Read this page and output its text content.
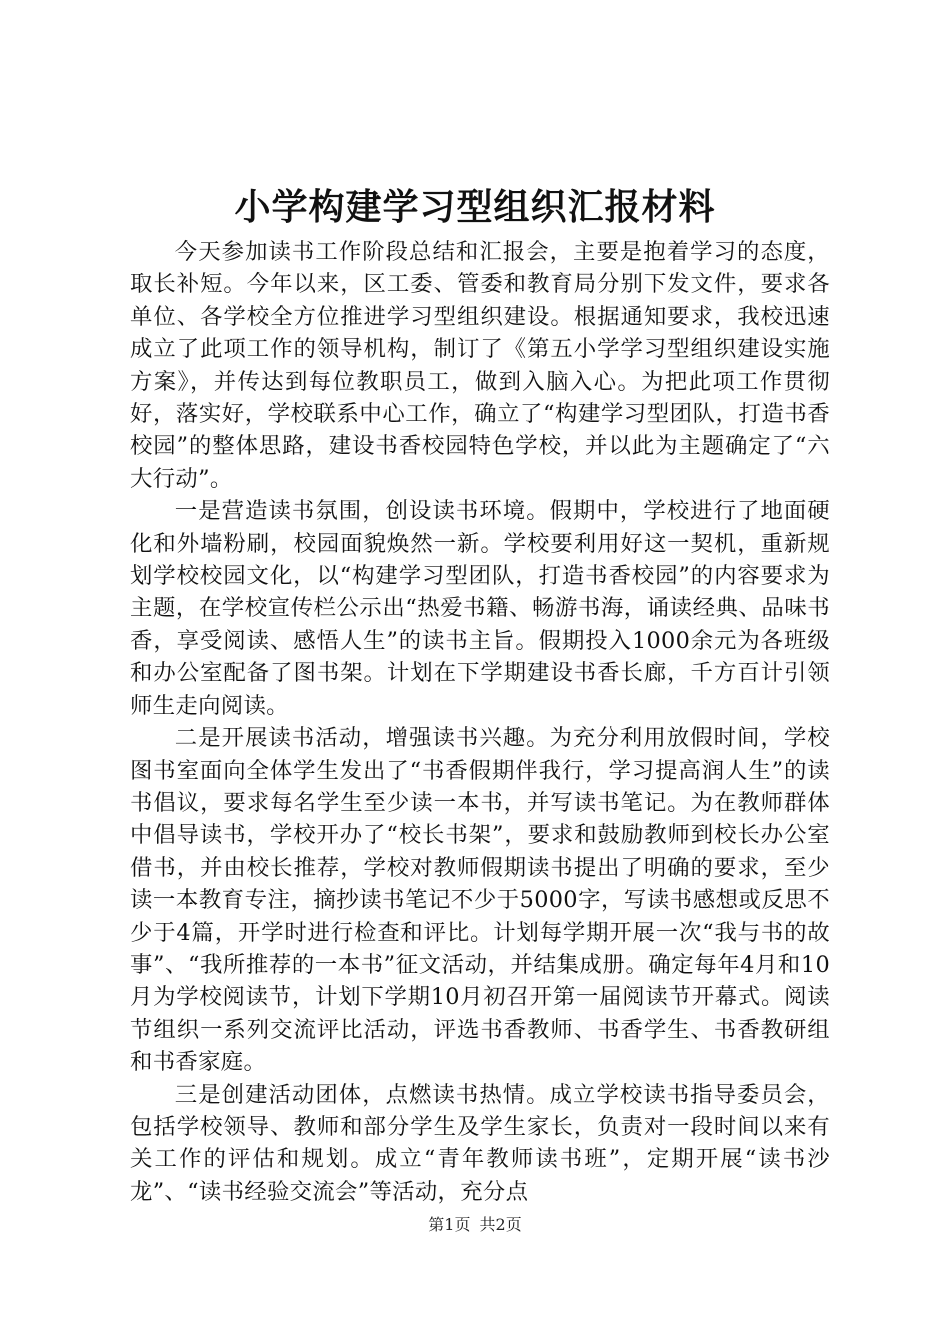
小学构建学习型组织汇报材料

今天参加读书工作阶段总结和汇报会，主要是抱着学习的态度，取长补短。今年以来，区工委、管委和教育局分别下发文件，要求各单位、各学校全方位推进学习型组织建设。根据通知要求，我校迅速成立了此项工作的领导机构，制订了《第五小学学习型组织建设实施方案》，并传达到每位教职员工，做到入脑入心。为把此项工作贯彻好，落实好，学校联系中心工作，确立了“构建学习型团队，打造书香校园”的整体思路，建设书香校园特色学校，并以此为主题确定了“六大行动”。

一是营造读书氛围，创设读书环境。假期中，学校进行了地面硬化和外墙粉刷，校园面貌焕然一新。学校要利用好这一契机，重新规划学校校园文化，以“构建学习型团队，打造书香校园”的内容要求为主题，在学校宣传栏公示出“热爱书籍、畅游书海，诵读经典、品味书香，享受阅读、感悟人生”的读书主旨。假期投入1000余元为各班级和办公室配备了图书架。计划在下学期建设书香长廊，千方百计引领师生走向阅读。

二是开展读书活动，增强读书兴趣。为充分利用放假时间，学校图书室面向全体学生发出了“书香假期伴我行，学习提高润人生”的读书倡议，要求每名学生至少读一本书，并写读书笔记。为在教师群体中倡导读书，学校开办了“校长书架”，要求和鼓励教师到校长办公室借书，并由校长推荐，学校对教师假期读书提出了明确的要求，至少读一本教育专注，摘抄读书笔记不少于5000字，写读书感想或反思不少于4篇，开学时进行检查和评比。计划每学期开展一次“我与书的故事”、“我所推荐的一本书”征文活动，并结集成册。确定每年4月和10月为学校阅读节，计划下学期10月初召开第一届阅读节开幕式。阅读节组织一系列交流评比活动，评选书香教师、书香学生、书香教研组和书香家庭。

三是创建活动团体，点燃读书热情。成立学校读书指导委员会，包括学校领导、教师和部分学生及学生家长，负责对一段时间以来有关工作的评估和规划。成立“青年教师读书班”，定期开展“读书沙龙”、“读书经验交流会”等活动，充分点

第1页 共2页
